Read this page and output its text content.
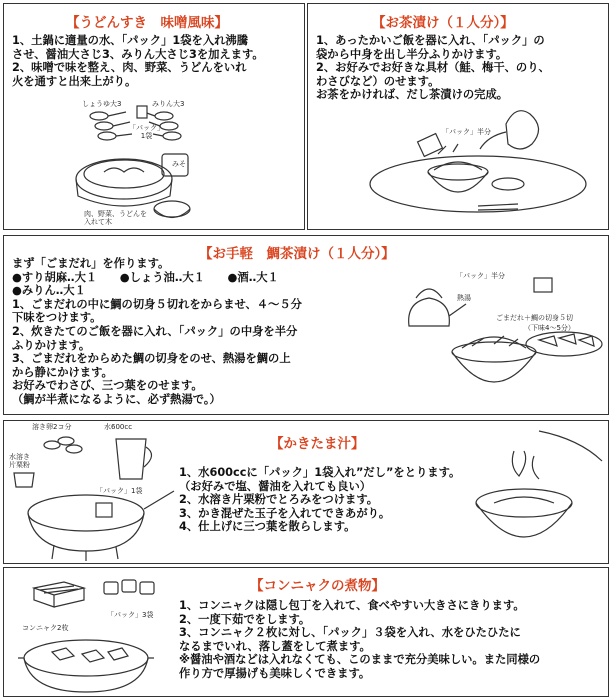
【うどんすき　味噌風味】
1、土鍋に適量の水、「パック」1袋を入れ沸騰
させ、醤油大さじ3、みりん大さじ3を加えます。
2、味噌で味を整え、肉、野菜、うどんをいれ
火を通すと出来上がり。
しょうゆ大3	みりん大3
「パック」
1袋
みそ
肉、野菜、うどんを
入れて木
【お茶漬け（１人分）】
1、あったかいご飯を器に入れ、「パック」の
袋から中身を出し半分ふりかけます。
2、お好みでお好きな具材（鮭、梅干、のり、
わさびなど）のせます。
お茶をかければ、だし茶漬けの完成。
「パック」半分
【お手軽　鯛茶漬け（１人分）】
まず「ごまだれ」を作ります。
●すり胡麻‥大１　　●しょう油‥大１　　●酒‥大１
●みりん‥大１
1、ごまだれの中に鯛の切身５切れをからませ、４～５分
下味をつけます。
2、炊きたてのご飯を器に入れ、「パック」の中身を半分
ふりかけます。
3、ごまだれをからめた鯛の切身をのせ、熱湯を鯛の上
から静にかけます。
お好みでわさび、三つ葉をのせます。
（鯛が半煮になるように、必ず熱湯で。）
「パック」半分
熱湯
ごまだれ＋鯛の切身５切
（下味4～5分）
【かきたま汁】
1、水600ccに「パック」1袋入れ”だし”をとります。
（お好みで塩、醤油を入れても良い）
2、水溶き片栗粉でとろみをつけます。
3、かき混ぜた玉子を入れてできあがり。
4、仕上げに三つ葉を散らします。
溶き卵2コ分	水600cc
水溶き
片栗粉
「パック」1袋
【コンニャクの煮物】
1、コンニャクは隠し包丁を入れて、食べやすい大きさにきります。
2、一度下茹でをします。
3、コンニャク２枚に対し、「パック」３袋を入れ、水をひたひたに
なるまでいれ、落し蓋をして煮ます。
※醤油や酒などは入れなくても、このままで充分美味しい。また同様の
作り方で厚揚げも美味しくできます。
「パック」3袋
コンニャク2枚
